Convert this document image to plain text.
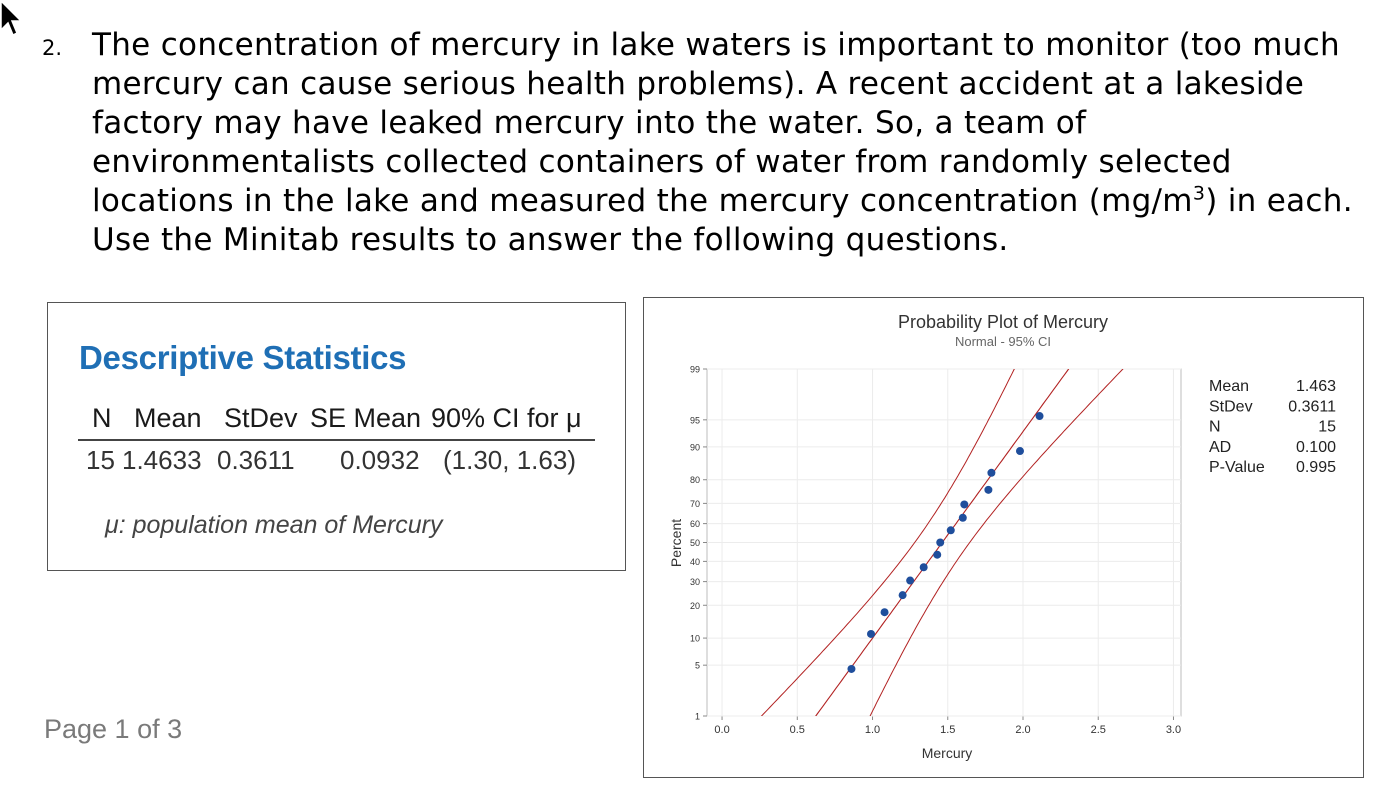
2. The concentration of mercury in lake waters is important to monitor (too much mercury can cause serious health problems). A recent accident at a lakeside factory may have leaked mercury into the water. So, a team of environmentalists collected containers of water from randomly selected locations in the lake and measured the mercury concentration $(mg/m^3)$ in each. Use the Minitab results to answer the following questions.
Descriptive Statistics
N Mean StDev SE Mean 90% CI for μ
15 1.4633 0.3611 0.0932 (1.30, 1.63)
μ: population mean of Mercury
Page 1 of 3
Probability Plot of Mercury
Normal - 95% CI
Mercury
Percent
0.0	0.5	1.0	1.5	2.0	2.5	3.0
1
5
10
20
30
40
50
60
70
80
90
95
99
Mean	1.463
StDev 0.3611
N	15
AD	0.100
P-Value 0.995
